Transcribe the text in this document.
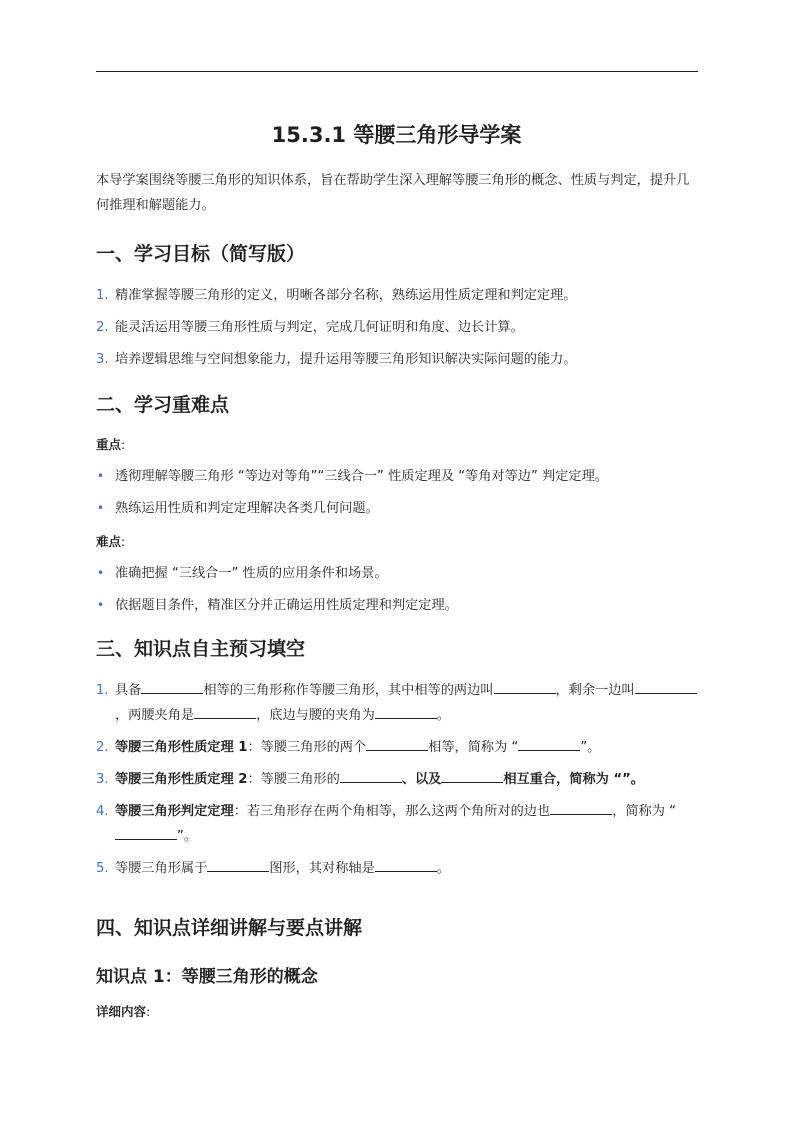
15.3.1 等腰三角形导学案

本导学案围绕等腰三角形的知识体系，旨在帮助学生深入理解等腰三角形的概念、性质与判定，提升几何推理和解题能力。

一、学习目标（简写版）
1. 精准掌握等腰三角形的定义，明晰各部分名称，熟练运用性质定理和判定定理。
2. 能灵活运用等腰三角形性质与判定，完成几何证明和角度、边长计算。
3. 培养逻辑思维与空间想象能力，提升运用等腰三角形知识解决实际问题的能力。
二、学习重难点

重点:

• 透彻理解等腰三角形 “等边对等角”“三线合一” 性质定理及 “等角对等边” 判定定理。
• 熟练运用性质和判定定理解决各类几何问题。

难点:

• 准确把握 “三线合一” 性质的应用条件和场景。
• 依据题目条件，精准区分并正确运用性质定理和判定定理。
三、知识点自主预习填空
1. 具备	相等的三角形称作等腰三角形，其中相等的两边叫	，剩余一边叫，两腰夹角是	，底边与腰的夹角为	。
2. 等腰三角形性质定理 1：等腰三角形的两个	相等，简称为 “	”。
3. 等腰三角形性质定理 2：等腰三角形的	、以及	相互重合，简称为 “”。
4. 等腰三角形判定定理：若三角形存在两个角相等，那么这两个角所对的边也	，简称为 “”。
5. 等腰三角形属于	图形，其对称轴是	。
四、知识点详细讲解与要点讲解
知识点 1：等腰三角形的概念

详细内容:
